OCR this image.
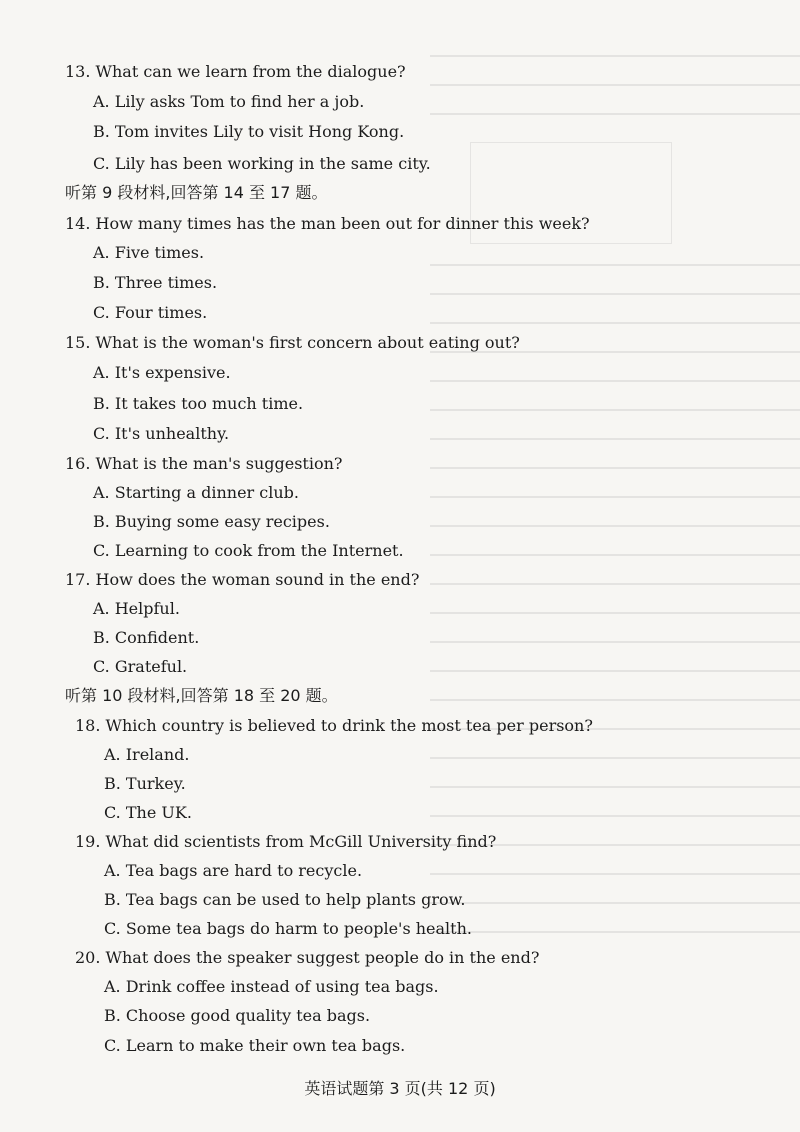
13. What can we learn from the dialogue?
A. Lily asks Tom to find her a job.
B. Tom invites Lily to visit Hong Kong.
C. Lily has been working in the same city.
听第 9 段材料,回答第 14 至 17 题。
14. How many times has the man been out for dinner this week?
A. Five times.
B. Three times.
C. Four times.
15. What is the woman's first concern about eating out?
A. It's expensive.
B. It takes too much time.
C. It's unhealthy.
16. What is the man's suggestion?
A. Starting a dinner club.
B. Buying some easy recipes.
C. Learning to cook from the Internet.
17. How does the woman sound in the end?
A. Helpful.
B. Confident.
C. Grateful.
听第 10 段材料,回答第 18 至 20 题。
18. Which country is believed to drink the most tea per person?
A. Ireland.
B. Turkey.
C. The UK.
19. What did scientists from McGill University find?
A. Tea bags are hard to recycle.
B. Tea bags can be used to help plants grow.
C. Some tea bags do harm to people's health.
20. What does the speaker suggest people do in the end?
A. Drink coffee instead of using tea bags.
B. Choose good quality tea bags.
C. Learn to make their own tea bags.
英语试题第 3 页(共 12 页)
